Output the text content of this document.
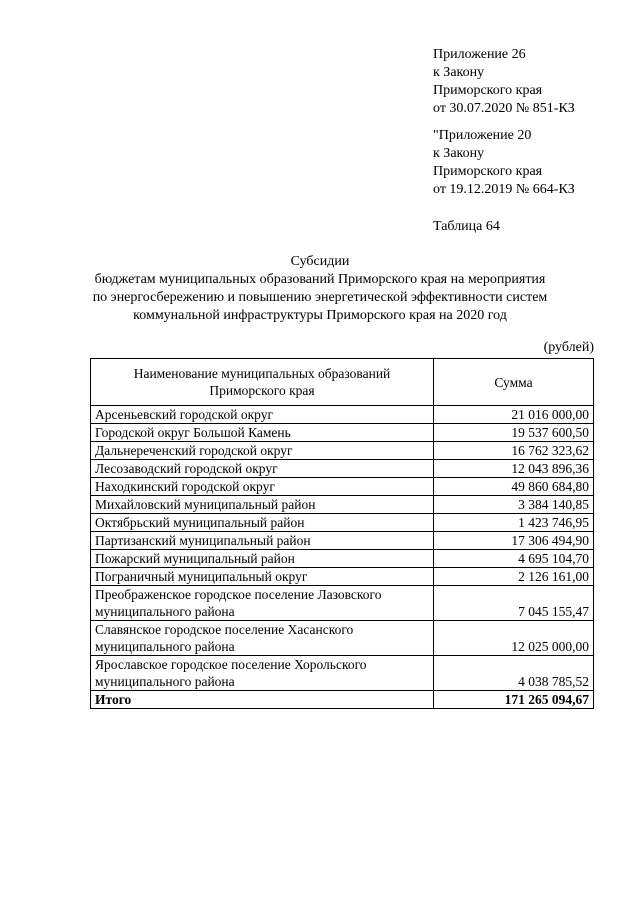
Приложение 26
к Закону
Приморского края
от 30.07.2020 № 851-КЗ
"Приложение 20
к Закону
Приморского края
от 19.12.2019 № 664-КЗ
Таблица 64
Субсидии
бюджетам муниципальных образований Приморского края на мероприятия
по энергосбережению и повышению энергетической эффективности систем
коммунальной инфраструктуры Приморского края на 2020 год
(рублей)
Наименование муниципальных образований Приморского края	Сумма
Арсеньевский городской округ	21 016 000,00
Городской округ Большой Камень	19 537 600,50
Дальнереченский городской округ	16 762 323,62
Лесозаводский городской округ	12 043 896,36
Находкинский городской округ	49 860 684,80
Михайловский муниципальный район	3 384 140,85
Октябрьский муниципальный район	1 423 746,95
Партизанский муниципальный район	17 306 494,90
Пожарский муниципальный район	4 695 104,70
Пограничный муниципальный округ	2 126 161,00
Преображенское городское поселение Лазовского муниципального района	7 045 155,47
Славянское городское поселение Хасанского муниципального района	12 025 000,00
Ярославское городское поселение Хорольского муниципального района	4 038 785,52
Итого	171 265 094,67
